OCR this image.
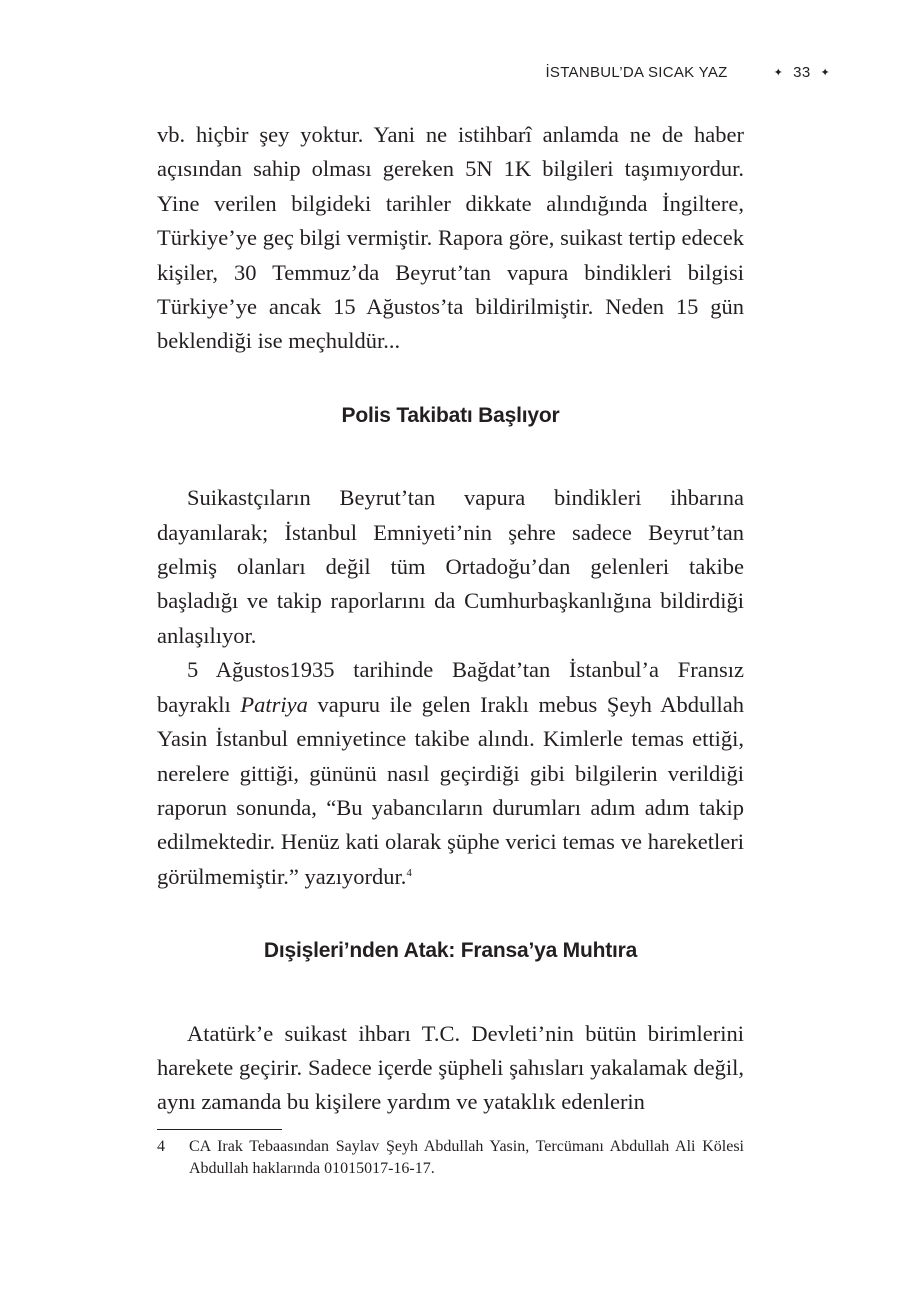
İSTANBUL’DA SICAK YAZ	✦ 33 ✦

vb. hiçbir şey yoktur. Yani ne istihbarî anlamda ne de haber açısından sahip olması gereken 5N 1K bilgileri taşımıyordur. Yine verilen bilgideki tarihler dikkate alındığında İngiltere, Türkiye’ye geç bilgi vermiştir. Rapora göre, suikast tertip edecek kişiler, 30 Temmuz’da Beyrut’tan vapura bindikleri bilgisi Türkiye’ye ancak 15 Ağustos’ta bildirilmiştir. Neden 15 gün beklendiği ise meçhuldür...

Polis Takibatı Başlıyor

Suikastçıların Beyrut’tan vapura bindikleri ihbarına dayanılarak; İstanbul Emniyeti’nin şehre sadece Beyrut’tan gelmiş olanları değil tüm Ortadoğu’dan gelenleri takibe başladığı ve takip raporlarını da Cumhurbaşkanlığına bildirdiği anlaşılıyor.

5 Ağustos1935 tarihinde Bağdat’tan İstanbul’a Fransız bayraklı Patriya vapuru ile gelen Iraklı mebus Şeyh Abdullah Yasin İstanbul emniyetince takibe alındı. Kimlerle temas ettiği, nerelere gittiği, gününü nasıl geçirdiği gibi bilgilerin verildiği raporun sonunda, “Bu yabancıların durumları adım adım takip edilmektedir. Henüz kati olarak şüphe verici temas ve hareketleri görülmemiştir.” yazıyordur.$^4$

Dışişleri’nden Atak: Fransa’ya Muhtıra

Atatürk’e suikast ihbarı T.C. Devleti’nin bütün birimlerini harekete geçirir. Sadece içerde şüpheli şahısları yakalamak değil, aynı zamanda bu kişilere yardım ve yataklık edenlerin

4	CA Irak Tebaasından Saylav Şeyh Abdullah Yasin, Tercümanı Abdullah Ali Kölesi Abdullah haklarında 01015017-16-17.
